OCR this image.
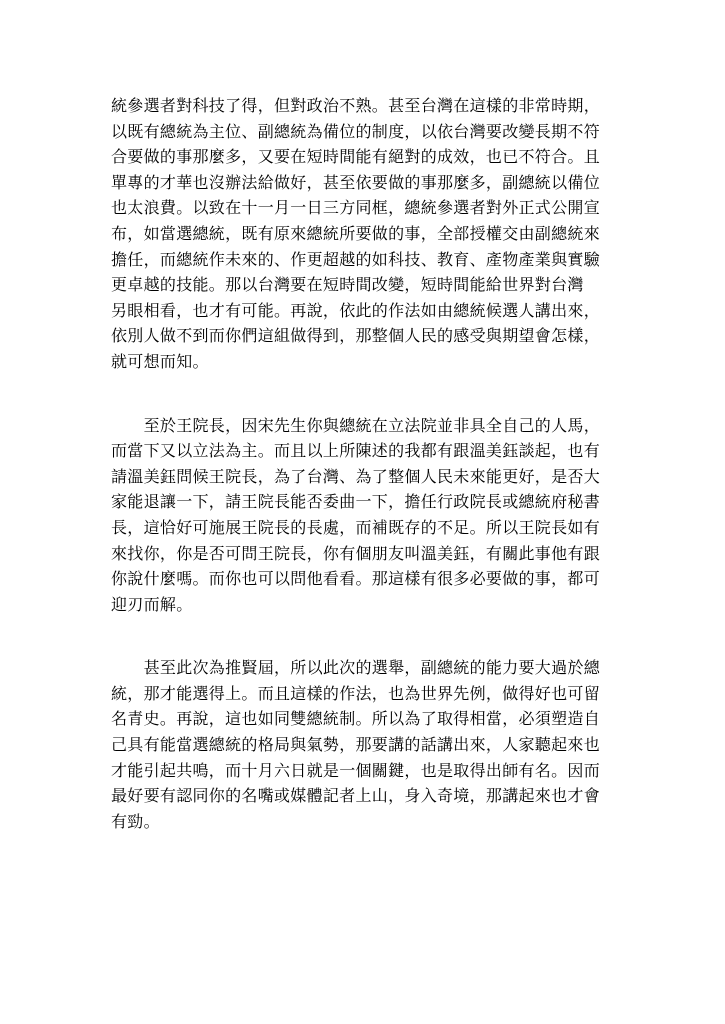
統參選者對科技了得，但對政治不熟。甚至台灣在這樣的非常時期，
以既有總統為主位、副總統為備位的制度，以依台灣要改變長期不符
合要做的事那麼多，又要在短時間能有絕對的成效，也已不符合。且
單專的才華也沒辦法給做好，甚至依要做的事那麼多，副總統以備位
也太浪費。以致在十一月一日三方同框，總統參選者對外正式公開宣
布，如當選總統，既有原來總統所要做的事，全部授權交由副總統來
擔任，而總統作未來的、作更超越的如科技、教育、產物產業與實驗
更卓越的技能。那以台灣要在短時間改變，短時間能給世界對台灣
另眼相看，也才有可能。再說，依此的作法如由總統候選人講出來，
依別人做不到而你們這組做得到，那整個人民的感受與期望會怎樣，
就可想而知。
　　至於王院長，因宋先生你與總統在立法院並非具全自己的人馬，
而當下又以立法為主。而且以上所陳述的我都有跟溫美鈺談起，也有
請溫美鈺問候王院長，為了台灣、為了整個人民未來能更好，是否大
家能退讓一下，請王院長能否委曲一下，擔任行政院長或總統府秘書
長，這恰好可施展王院長的長處，而補既存的不足。所以王院長如有
來找你，你是否可問王院長，你有個朋友叫溫美鈺，有關此事他有跟
你說什麼嗎。而你也可以問他看看。那這樣有很多必要做的事，都可
迎刃而解。
　　甚至此次為推賢屆，所以此次的選舉，副總統的能力要大過於總
統，那才能選得上。而且這樣的作法，也為世界先例，做得好也可留
名青史。再說，這也如同雙總統制。所以為了取得相當，必須塑造自
己具有能當選總統的格局與氣勢，那要講的話講出來，人家聽起來也
才能引起共鳴，而十月六日就是一個關鍵，也是取得出師有名。因而
最好要有認同你的名嘴或媒體記者上山，身入奇境，那講起來也才會
有勁。
